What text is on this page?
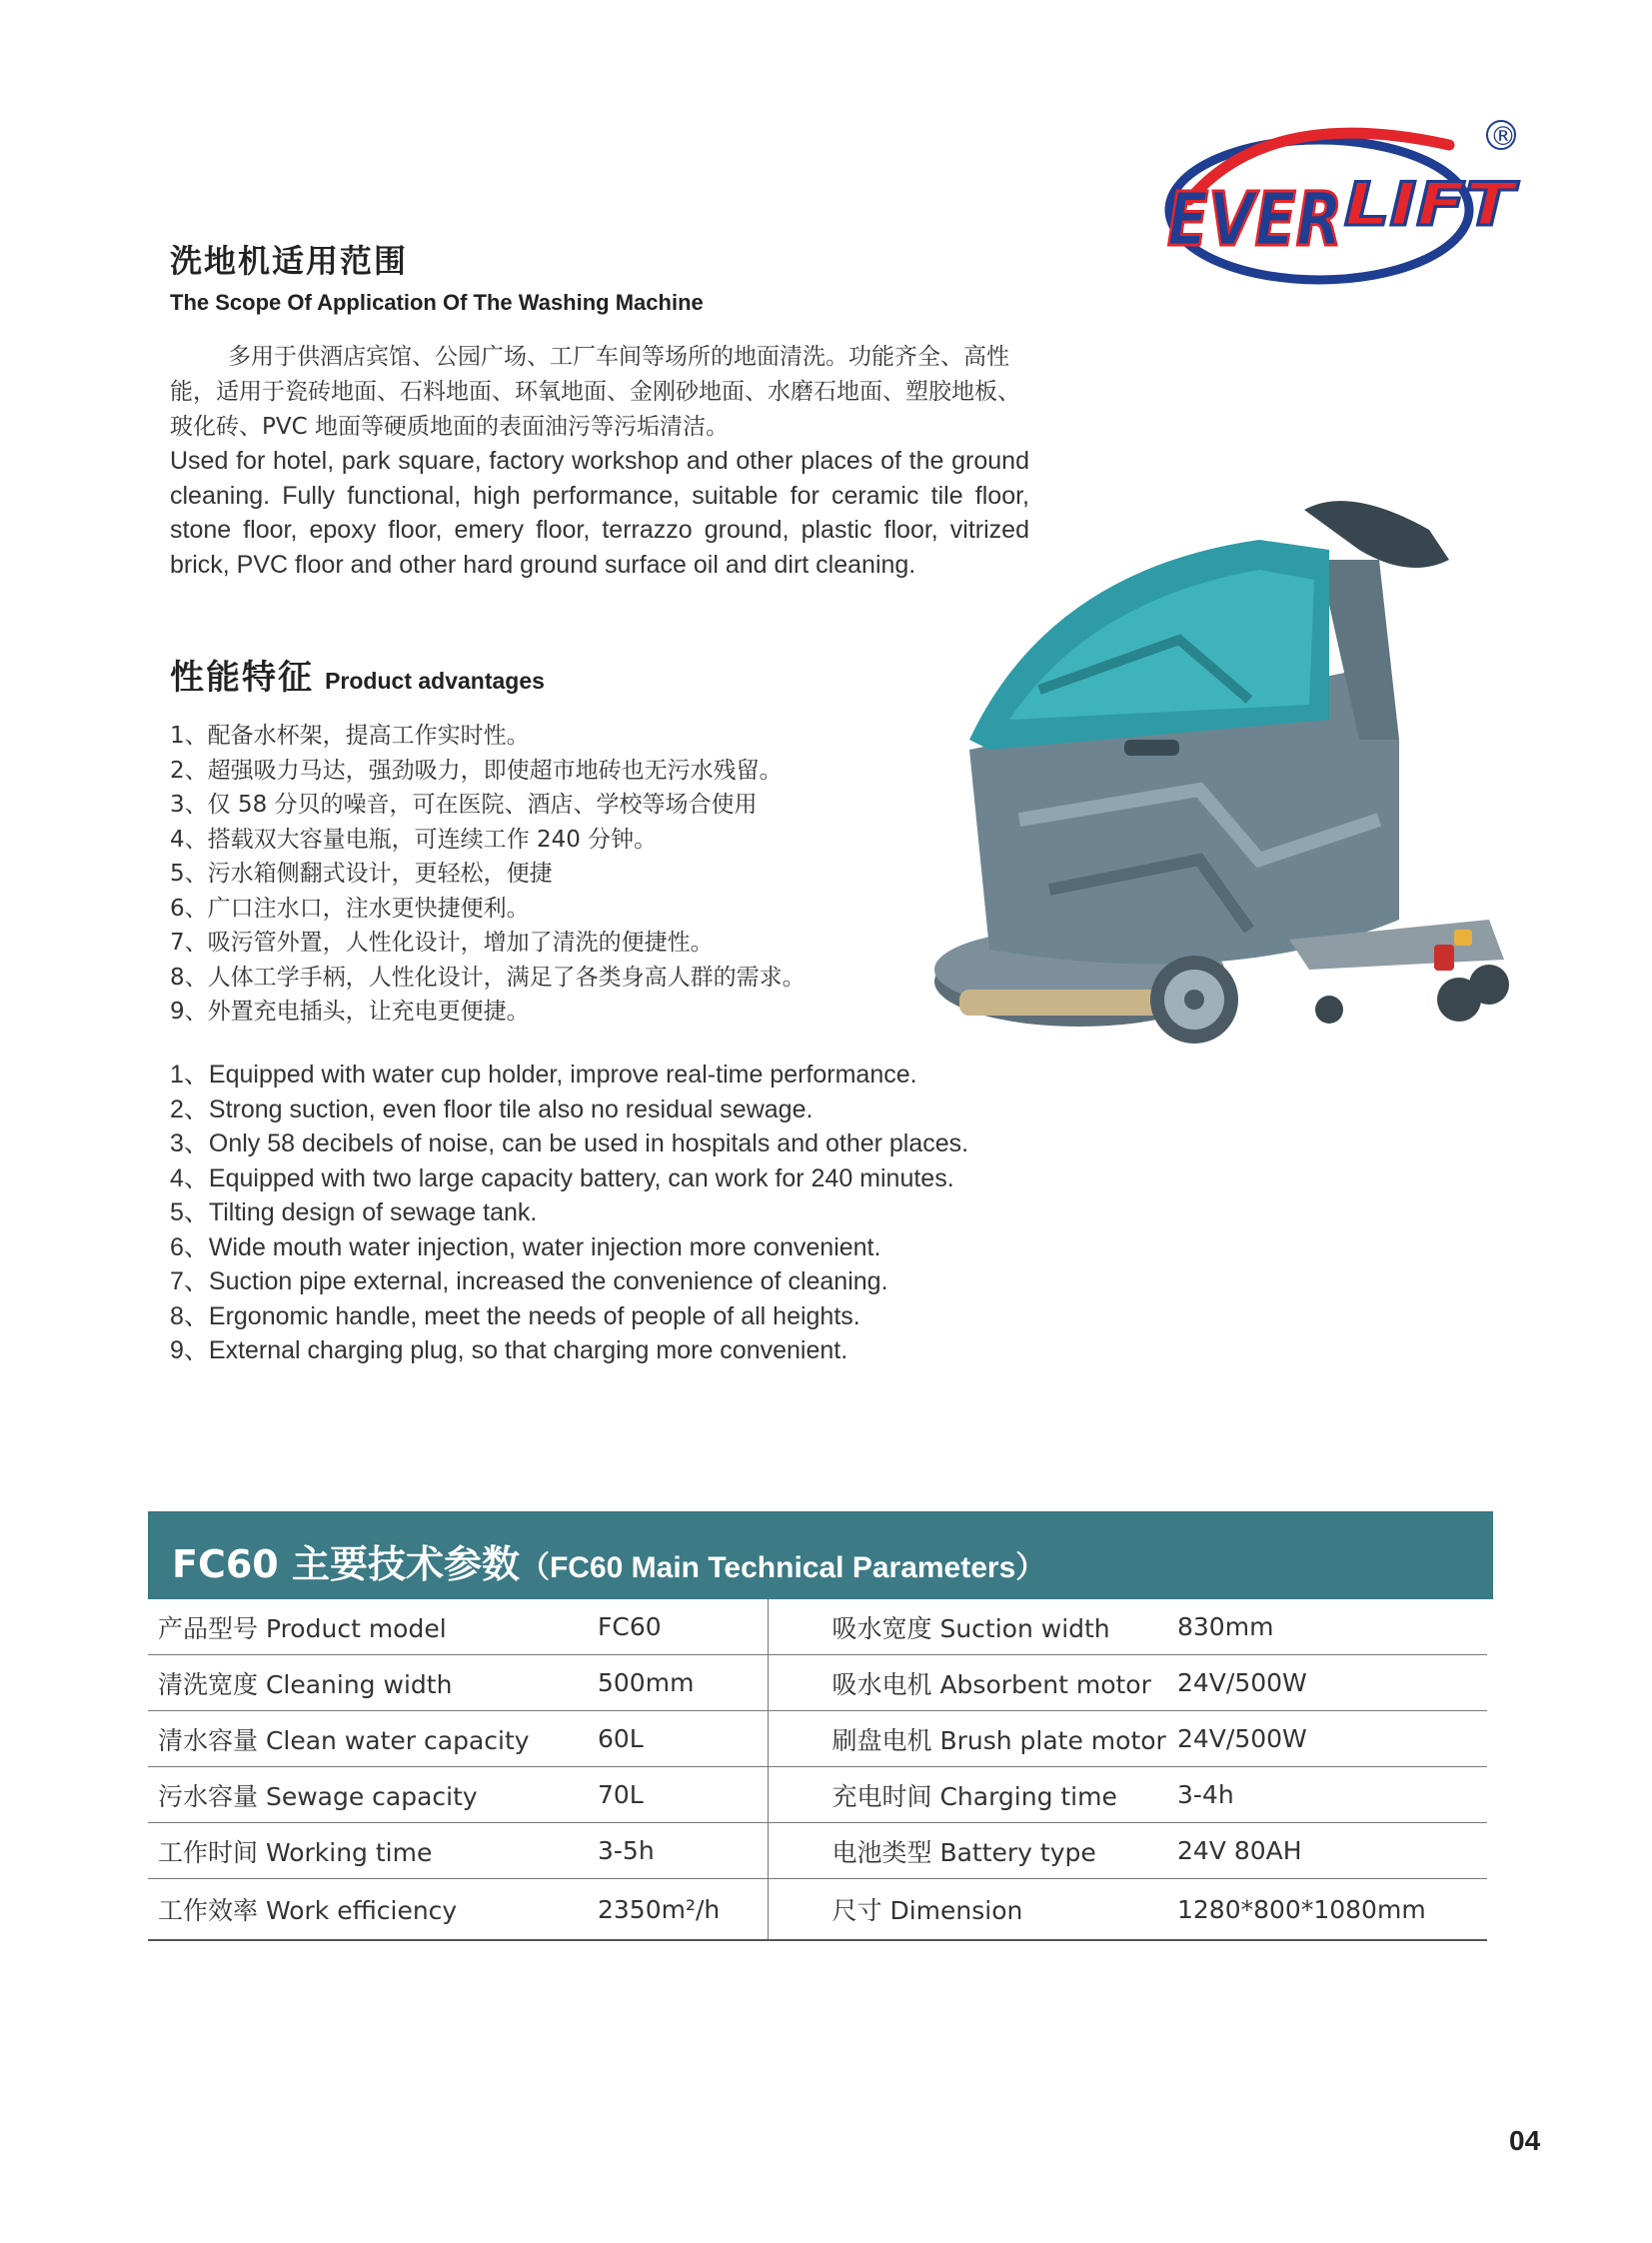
EVER LIFT
®
洗地机适用范围
The Scope Of Application Of The Washing Machine
多用于供酒店宾馆、公园广场、工厂车间等场所的地面清洗。功能齐全、高性能，适用于瓷砖地面、石料地面、环氧地面、金刚砂地面、水磨石地面、塑胶地板、玻化砖、PVC 地面等硬质地面的表面油污等污垢清洁。
Used for hotel, park square, factory workshop and other places of the ground cleaning. Fully functional, high performance, suitable for ceramic tile floor, stone floor, epoxy floor, emery floor, terrazzo ground, plastic floor, vitrized brick, PVC floor and other hard ground surface oil and dirt cleaning.
性能特征 Product advantages
1、配备水杯架，提高工作实时性。
2、超强吸力马达，强劲吸力，即使超市地砖也无污水残留。
3、仅 58 分贝的噪音，可在医院、酒店、学校等场合使用
4、搭载双大容量电瓶，可连续工作 240 分钟。
5、污水箱侧翻式设计，更轻松，便捷
6、广口注水口，注水更快捷便利。
7、吸污管外置，人性化设计，增加了清洗的便捷性。
8、人体工学手柄，人性化设计，满足了各类身高人群的需求。
9、外置充电插头，让充电更便捷。
1、Equipped with water cup holder, improve real-time performance.
2、Strong suction, even floor tile also no residual sewage.
3、Only 58 decibels of noise, can be used in hospitals and other places.
4、Equipped with two large capacity battery, can work for 240 minutes.
5、Tilting design of sewage tank.
6、Wide mouth water injection, water injection more convenient.
7、Suction pipe external, increased the convenience of cleaning.
8、Ergonomic handle, meet the needs of people of all heights.
9、External charging plug, so that charging more convenient.
FC60 主要技术参数（FC60 Main Technical Parameters）
产品型号 Product model	FC60	吸水宽度 Suction width	830mm
清洗宽度 Cleaning width	500mm	吸水电机 Absorbent motor	24V/500W
清水容量 Clean water capacity	60L	刷盘电机 Brush plate motor	24V/500W
污水容量 Sewage capacity	70L	充电时间 Charging time	3-4h
工作时间 Working time	3-5h	电池类型 Battery type	24V 80AH
工作效率 Work efficiency	2350m²/h	尺寸 Dimension	1280*800*1080mm
04
